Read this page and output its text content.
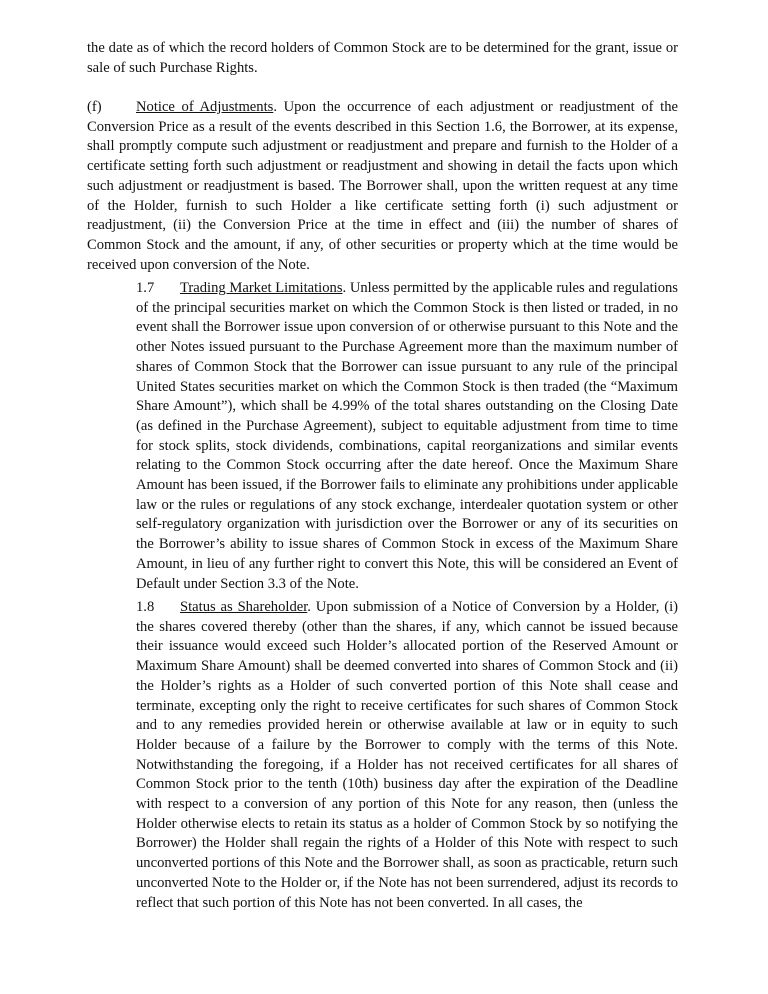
the date as of which the record holders of Common Stock are to be determined for the grant, issue or sale of such Purchase Rights.

(f) Notice of Adjustments. Upon the occurrence of each adjustment or readjustment of the Conversion Price as a result of the events described in this Section 1.6, the Borrower, at its expense, shall promptly compute such adjustment or readjustment and prepare and furnish to the Holder of a certificate setting forth such adjustment or readjustment and showing in detail the facts upon which such adjustment or readjustment is based. The Borrower shall, upon the written request at any time of the Holder, furnish to such Holder a like certificate setting forth (i) such adjustment or readjustment, (ii) the Conversion Price at the time in effect and (iii) the number of shares of Common Stock and the amount, if any, of other securities or property which at the time would be received upon conversion of the Note.

1.7 Trading Market Limitations. Unless permitted by the applicable rules and regulations of the principal securities market on which the Common Stock is then listed or traded, in no event shall the Borrower issue upon conversion of or otherwise pursuant to this Note and the other Notes issued pursuant to the Purchase Agreement more than the maximum number of shares of Common Stock that the Borrower can issue pursuant to any rule of the principal United States securities market on which the Common Stock is then traded (the “Maximum Share Amount”), which shall be 4.99% of the total shares outstanding on the Closing Date (as defined in the Purchase Agreement), subject to equitable adjustment from time to time for stock splits, stock dividends, combinations, capital reorganizations and similar events relating to the Common Stock occurring after the date hereof. Once the Maximum Share Amount has been issued, if the Borrower fails to eliminate any prohibitions under applicable law or the rules or regulations of any stock exchange, interdealer quotation system or other self-regulatory organization with jurisdiction over the Borrower or any of its securities on the Borrower’s ability to issue shares of Common Stock in excess of the Maximum Share Amount, in lieu of any further right to convert this Note, this will be considered an Event of Default under Section 3.3 of the Note.

1.8 Status as Shareholder. Upon submission of a Notice of Conversion by a Holder, (i) the shares covered thereby (other than the shares, if any, which cannot be issued because their issuance would exceed such Holder’s allocated portion of the Reserved Amount or Maximum Share Amount) shall be deemed converted into shares of Common Stock and (ii) the Holder’s rights as a Holder of such converted portion of this Note shall cease and terminate, excepting only the right to receive certificates for such shares of Common Stock and to any remedies provided herein or otherwise available at law or in equity to such Holder because of a failure by the Borrower to comply with the terms of this Note. Notwithstanding the foregoing, if a Holder has not received certificates for all shares of Common Stock prior to the tenth (10th) business day after the expiration of the Deadline with respect to a conversion of any portion of this Note for any reason, then (unless the Holder otherwise elects to retain its status as a holder of Common Stock by so notifying the Borrower) the Holder shall regain the rights of a Holder of this Note with respect to such unconverted portions of this Note and the Borrower shall, as soon as practicable, return such unconverted Note to the Holder or, if the Note has not been surrendered, adjust its records to reflect that such portion of this Note has not been converted. In all cases, the
